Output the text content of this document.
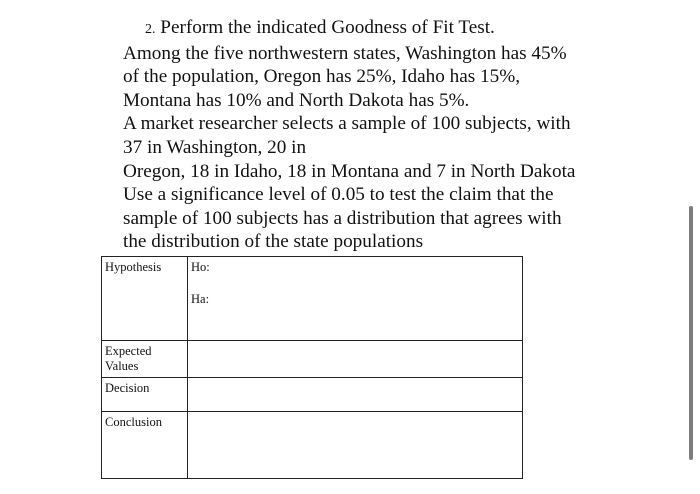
2. Perform the indicated Goodness of Fit Test.
Among the five northwestern states, Washington has 45%
of the population, Oregon has 25%, Idaho has 15%,
Montana has 10% and North Dakota has 5%.
A market researcher selects a sample of 100 subjects, with
37 in Washington, 20 in
Oregon, 18 in Idaho, 18 in Montana and 7 in North Dakota
Use a significance level of 0.05 to test the claim that the
sample of 100 subjects has a distribution that agrees with
the distribution of the state populations
Hypothesis	Ho:
Ha:

Expected
Values	

Decision	
Conclusion	
